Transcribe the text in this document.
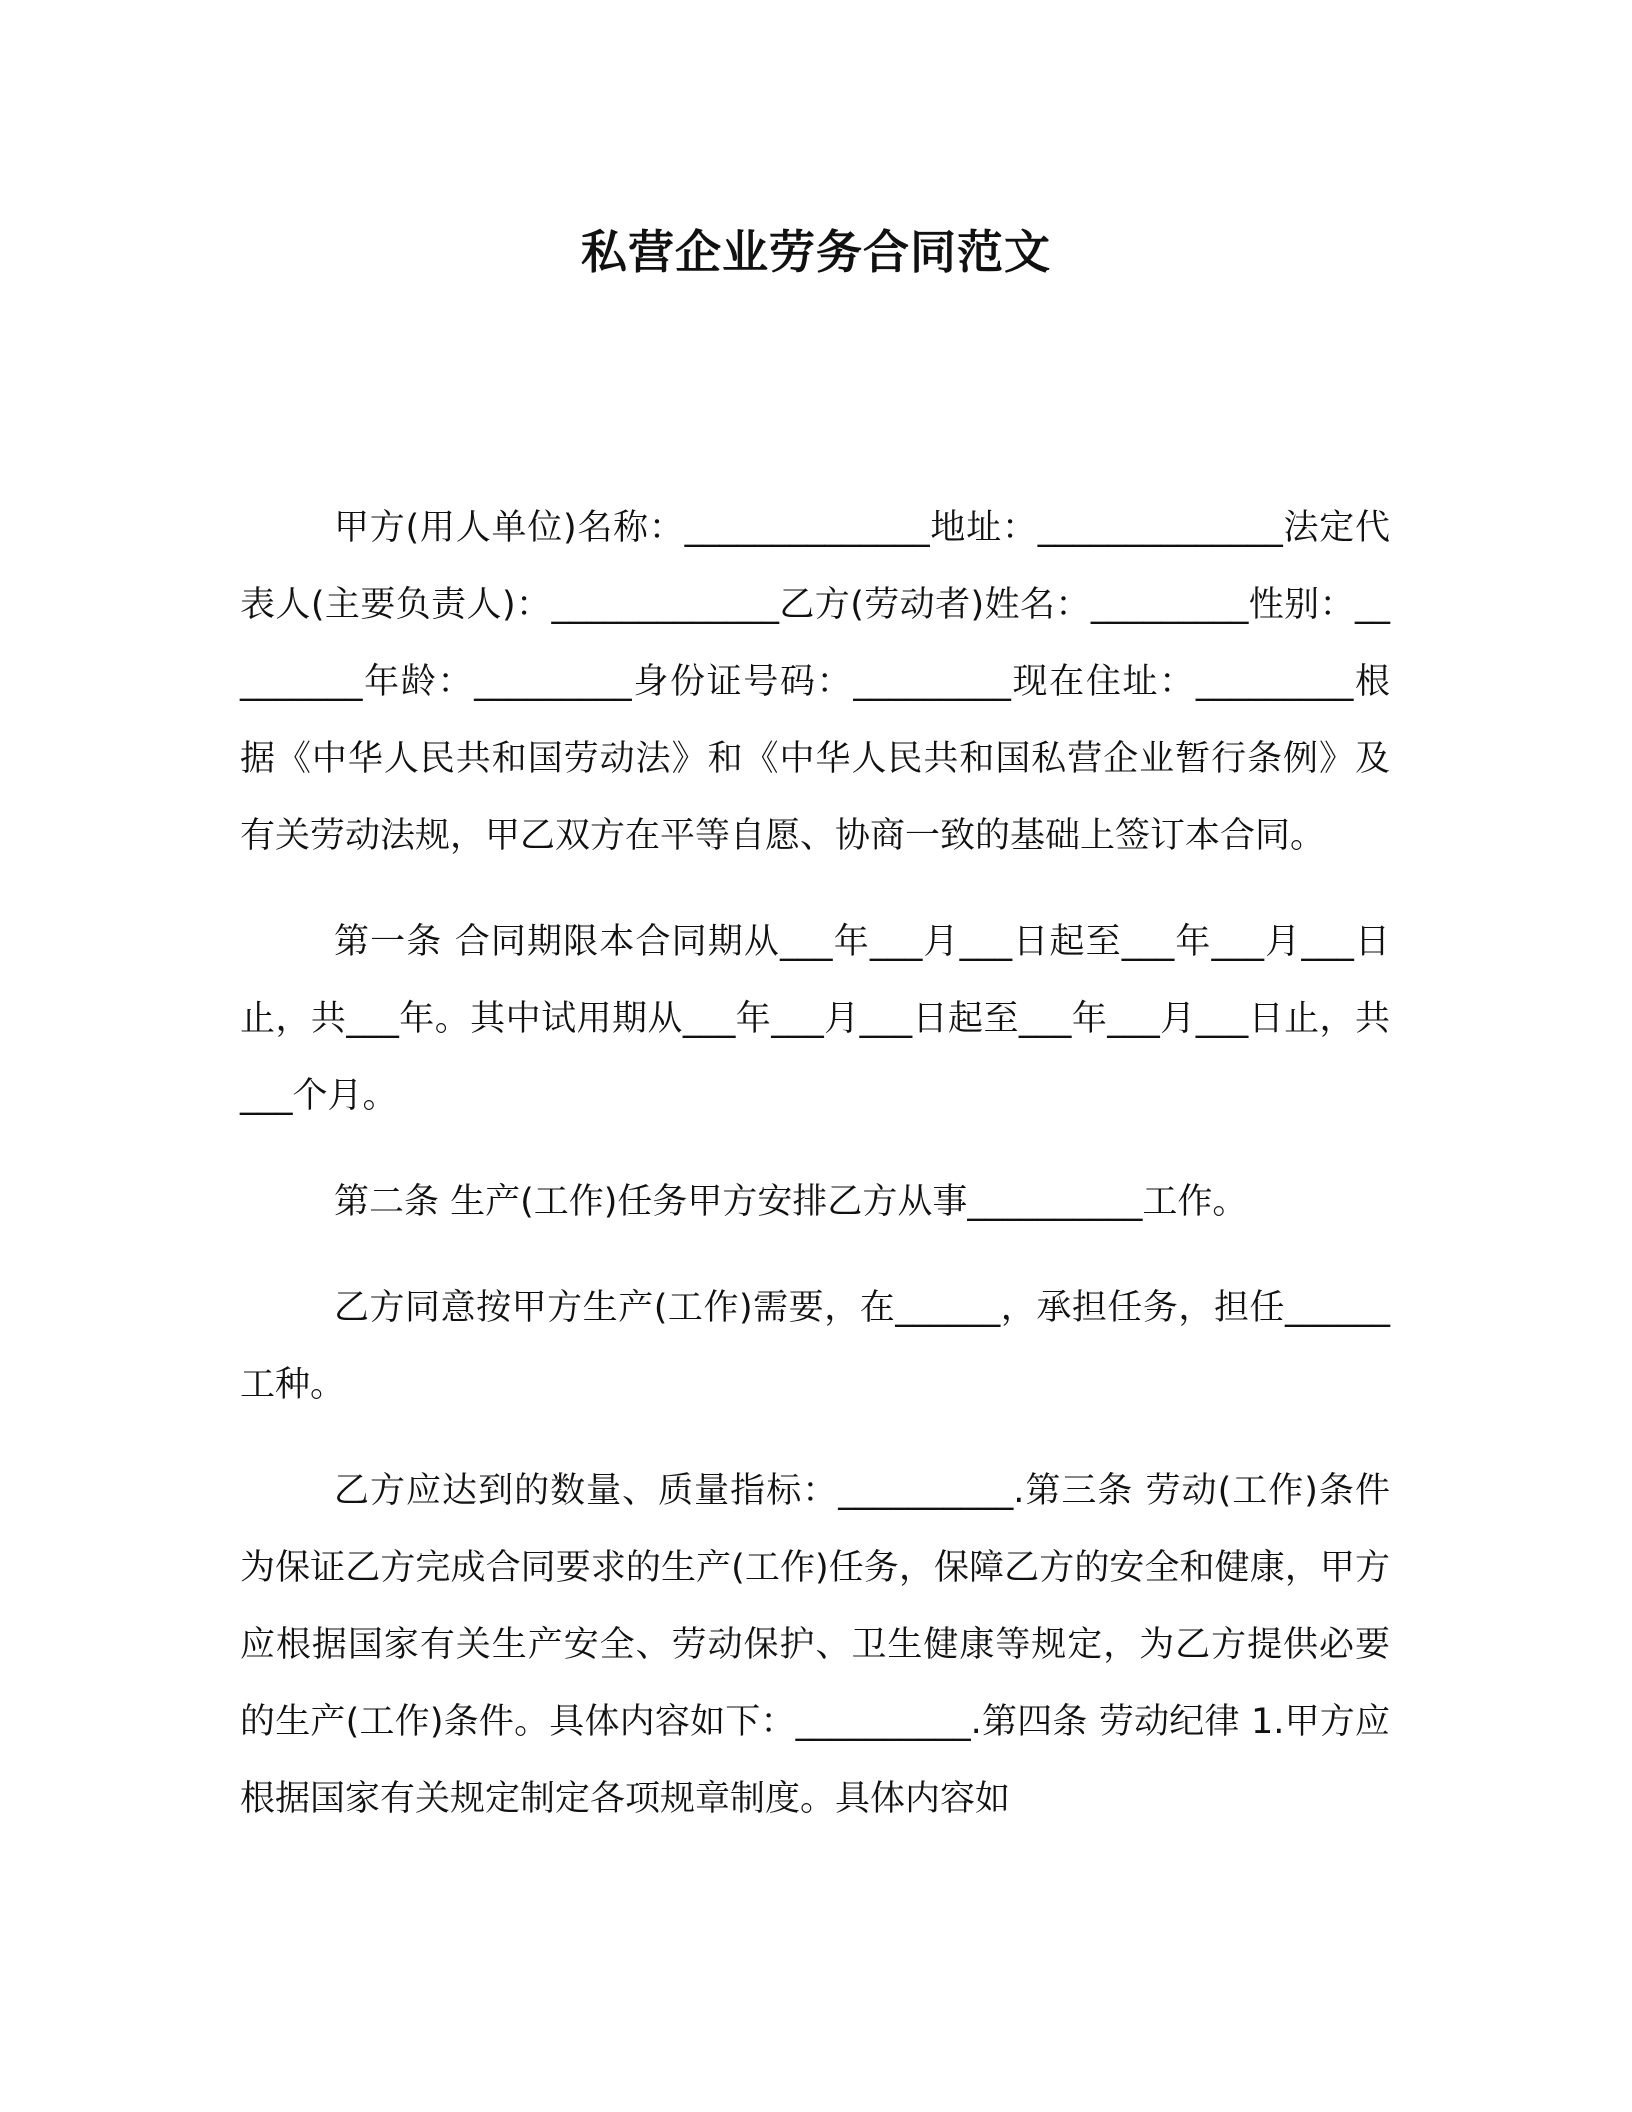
私营企业劳务合同范文

甲方(用人单位)名称：______________地址：______________法定代表人(主要负责人)：_____________乙方(劳动者)姓名：_________性别：_________年龄：_________身份证号码：_________现在住址：_________根据《中华人民共和国劳动法》和《中华人民共和国私营企业暂行条例》及有关劳动法规，甲乙双方在平等自愿、协商一致的基础上签订本合同。

第一条 合同期限本合同期从___年___月___日起至___年___月___日止，共___年。其中试用期从___年___月___日起至___年___月___日止，共___个月。

第二条 生产(工作)任务甲方安排乙方从事__________工作。

乙方同意按甲方生产(工作)需要，在______，承担任务，担任______工种。

乙方应达到的数量、质量指标：__________.第三条 劳动(工作)条件为保证乙方完成合同要求的生产(工作)任务，保障乙方的安全和健康，甲方应根据国家有关生产安全、劳动保护、卫生健康等规定，为乙方提供必要的生产(工作)条件。具体内容如下：__________.第四条 劳动纪律 1.甲方应根据国家有关规定制定各项规章制度。具体内容如
